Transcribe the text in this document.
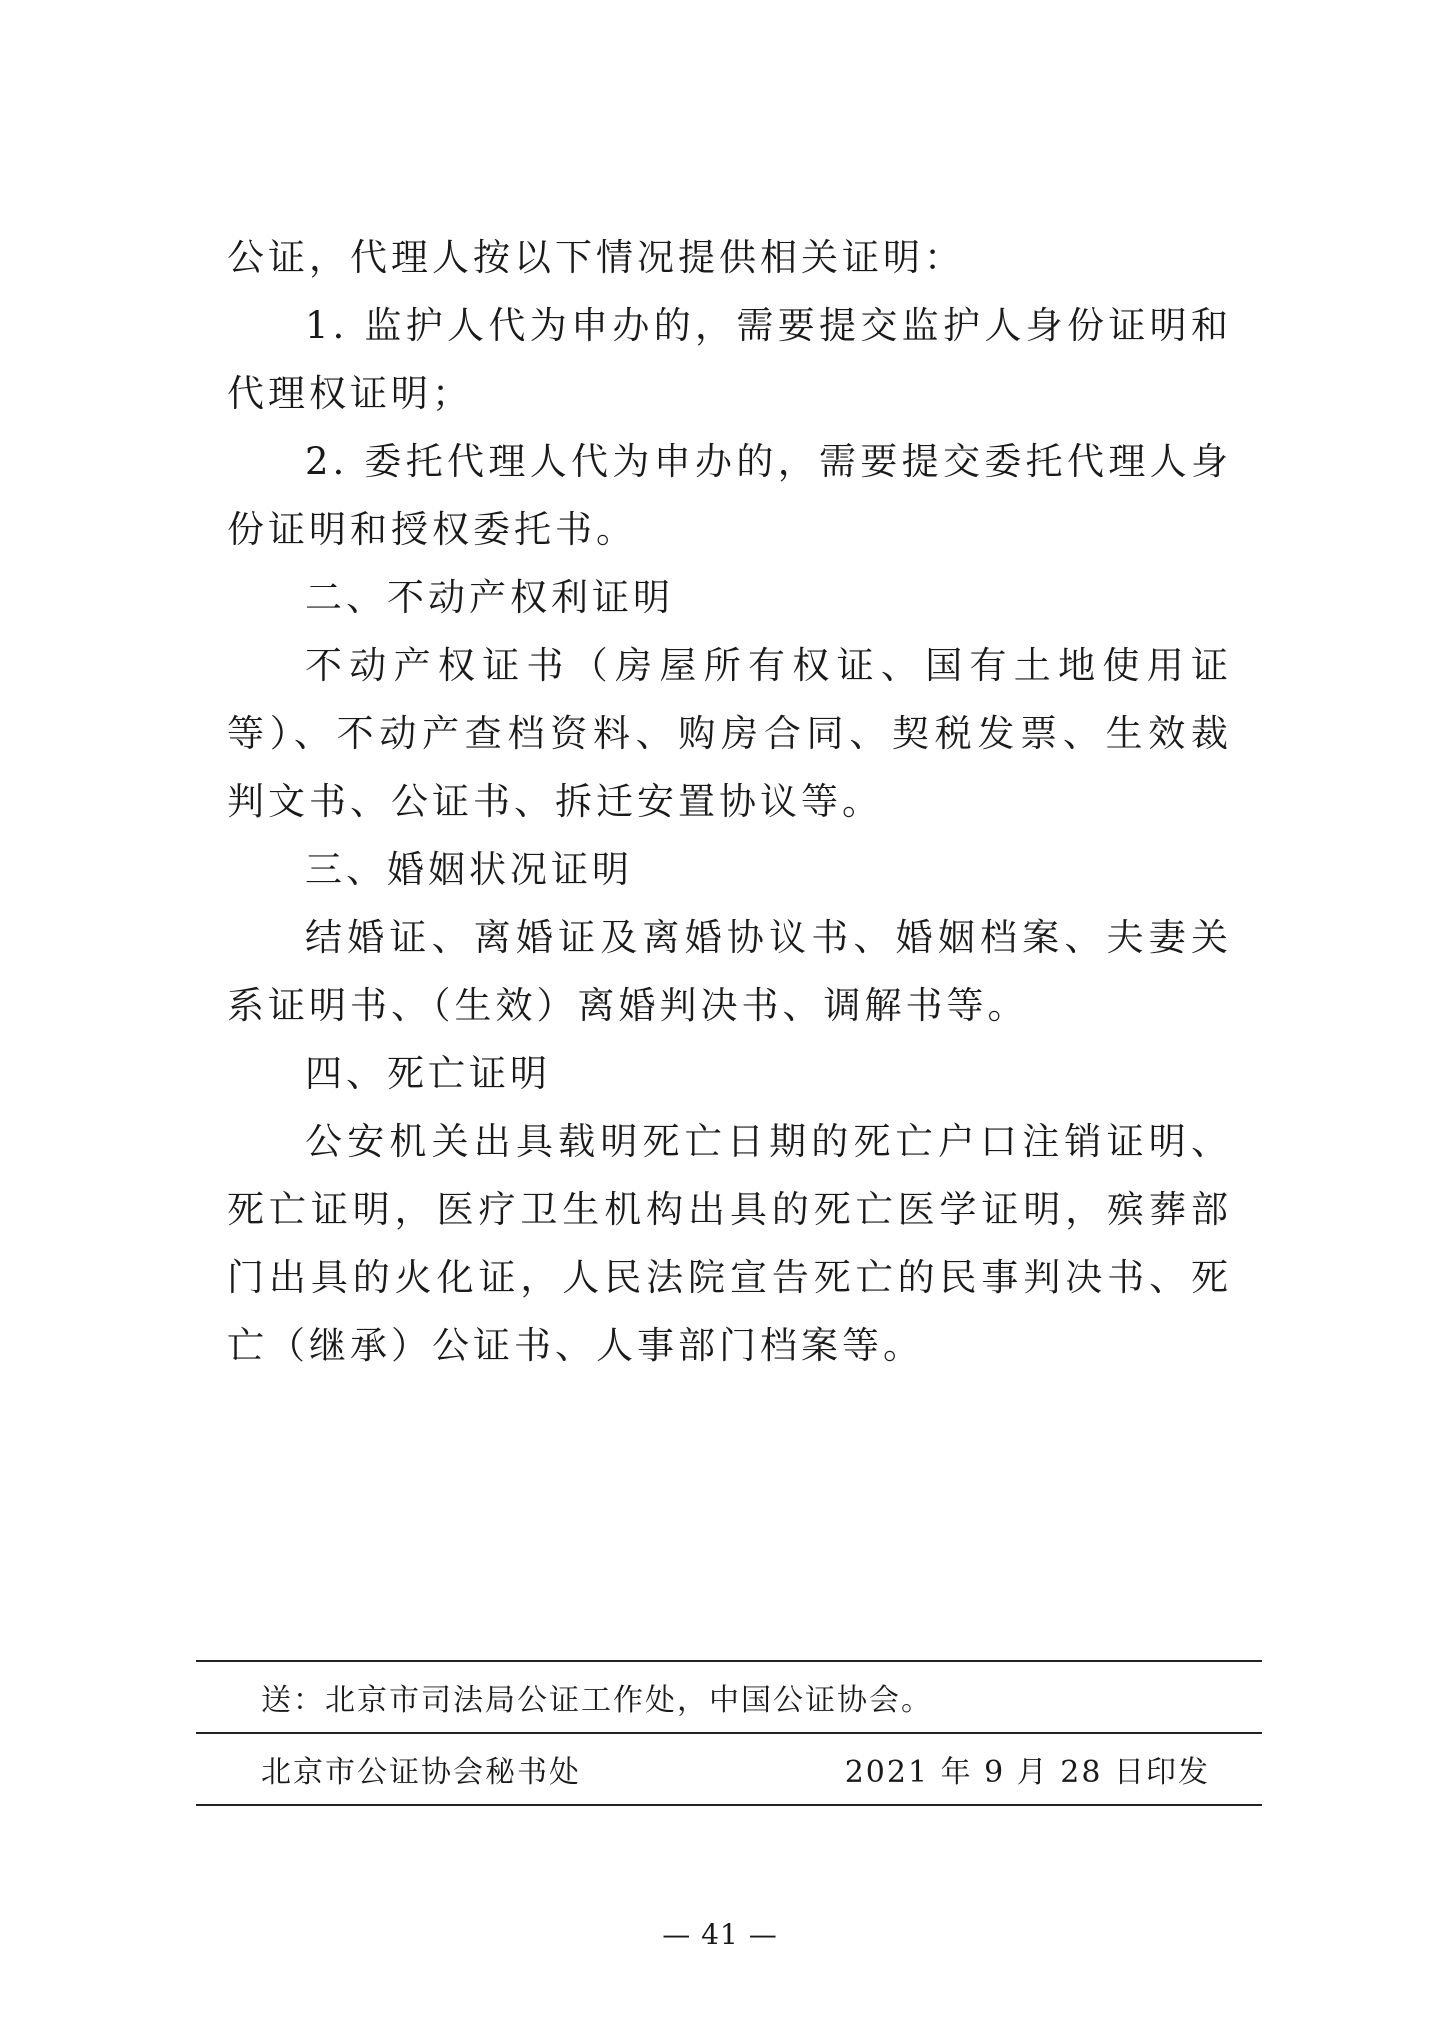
公证，代理人按以下情况提供相关证明：

1. 监护人代为申办的，需要提交监护人身份证明和代理权证明；

2. 委托代理人代为申办的，需要提交委托代理人身份证明和授权委托书。

二、不动产权利证明

不动产权证书（房屋所有权证、国有土地使用证等）、不动产查档资料、购房合同、契税发票、生效裁判文书、公证书、拆迁安置协议等。

三、婚姻状况证明

结婚证、离婚证及离婚协议书、婚姻档案、夫妻关系证明书、（生效）离婚判决书、调解书等。

四、死亡证明

公安机关出具载明死亡日期的死亡户口注销证明、死亡证明，医疗卫生机构出具的死亡医学证明，殡葬部门出具的火化证，人民法院宣告死亡的民事判决书、死亡（继承）公证书、人事部门档案等。

送：北京市司法局公证工作处，中国公证协会。
北京市公证协会秘书处	2021 年 9 月 28 日印发
— 41 —
